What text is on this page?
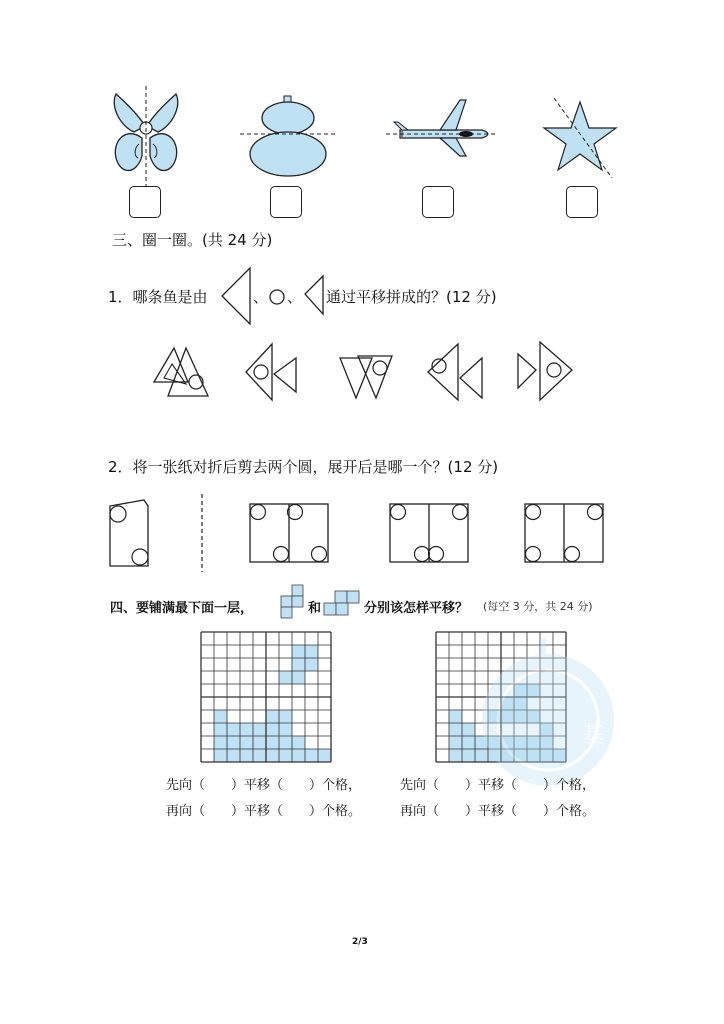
三、圈一圈。(共 24 分)
1．哪条鱼是由	、 、 通过平移拼成的？(12 分)
2．将一张纸对折后剪去两个圆，展开后是哪一个？(12 分)
四、要铺满最下面一层，	和	分别该怎样平移？ (每空 3 分，共 24 分)
基
先向（　　）平移（　　）个格，
再向（　　）平移（　　）个格。
先向（　　）平移（　　）个格，
再向（　　）平移（　　）个格。
2/3
